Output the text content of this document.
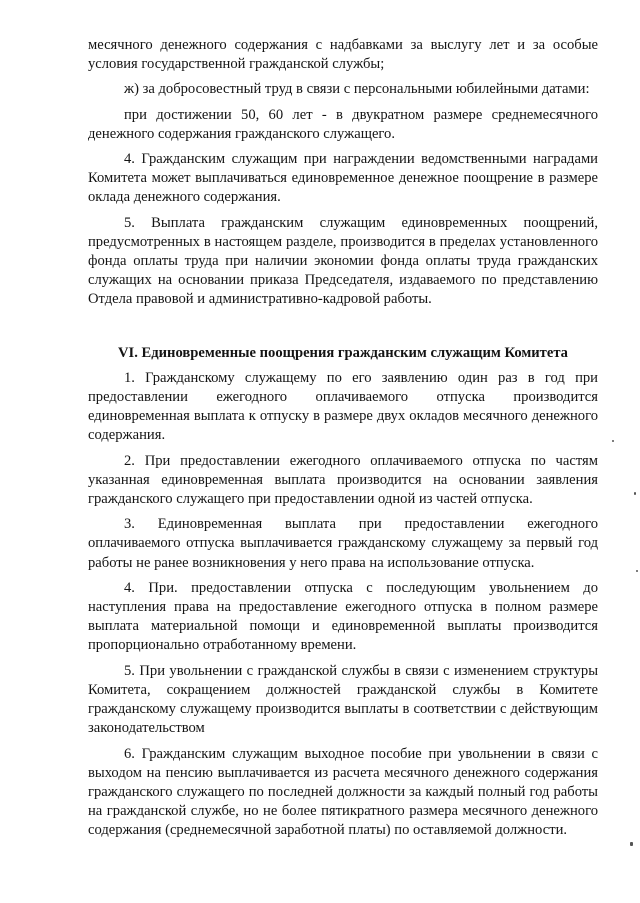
месячного денежного содержания с надбавками за выслугу лет и за особые условия государственной гражданской службы;

ж) за добросовестный труд в связи с персональными юбилейными датами:

при достижении 50, 60 лет - в двукратном размере среднемесячного денежного содержания гражданского служащего.

4. Гражданским служащим при награждении ведомственными наградами Комитета может выплачиваться единовременное денежное поощрение в размере оклада денежного содержания.

5. Выплата гражданским служащим единовременных поощрений, предусмотренных в настоящем разделе, производится в пределах установленного фонда оплаты труда при наличии экономии фонда оплаты труда гражданских служащих на основании приказа Председателя, издаваемого по представлению Отдела правовой и административно-кадровой работы.

VI. Единовременные поощрения гражданским служащим Комитета

1. Гражданскому служащему по его заявлению один раз в год при предоставлении ежегодного оплачиваемого отпуска производится единовременная выплата к отпуску в размере двух окладов месячного денежного содержания.

2. При предоставлении ежегодного оплачиваемого отпуска по частям указанная единовременная выплата производится на основании заявления гражданского служащего при предоставлении одной из частей отпуска.

3. Единовременная выплата при предоставлении ежегодного оплачиваемого отпуска выплачивается гражданскому служащему за первый год работы не ранее возникновения у него права на использование отпуска.

4. При. предоставлении отпуска с последующим увольнением до наступления права на предоставление ежегодного отпуска в полном размере выплата материальной помощи и единовременной выплаты производится пропорционально отработанному времени.

5. При увольнении с гражданской службы в связи с изменением структуры Комитета, сокращением должностей гражданской службы в Комитете гражданскому служащему производится выплаты в соответствии с действующим законодательством

6. Гражданским служащим выходное пособие при увольнении в связи с выходом на пенсию выплачивается из расчета месячного денежного содержания гражданского служащего по последней должности за каждый полный год работы на гражданской службе, но не более пятикратного размера месячного денежного содержания (среднемесячной заработной платы) по оставляемой должности.
